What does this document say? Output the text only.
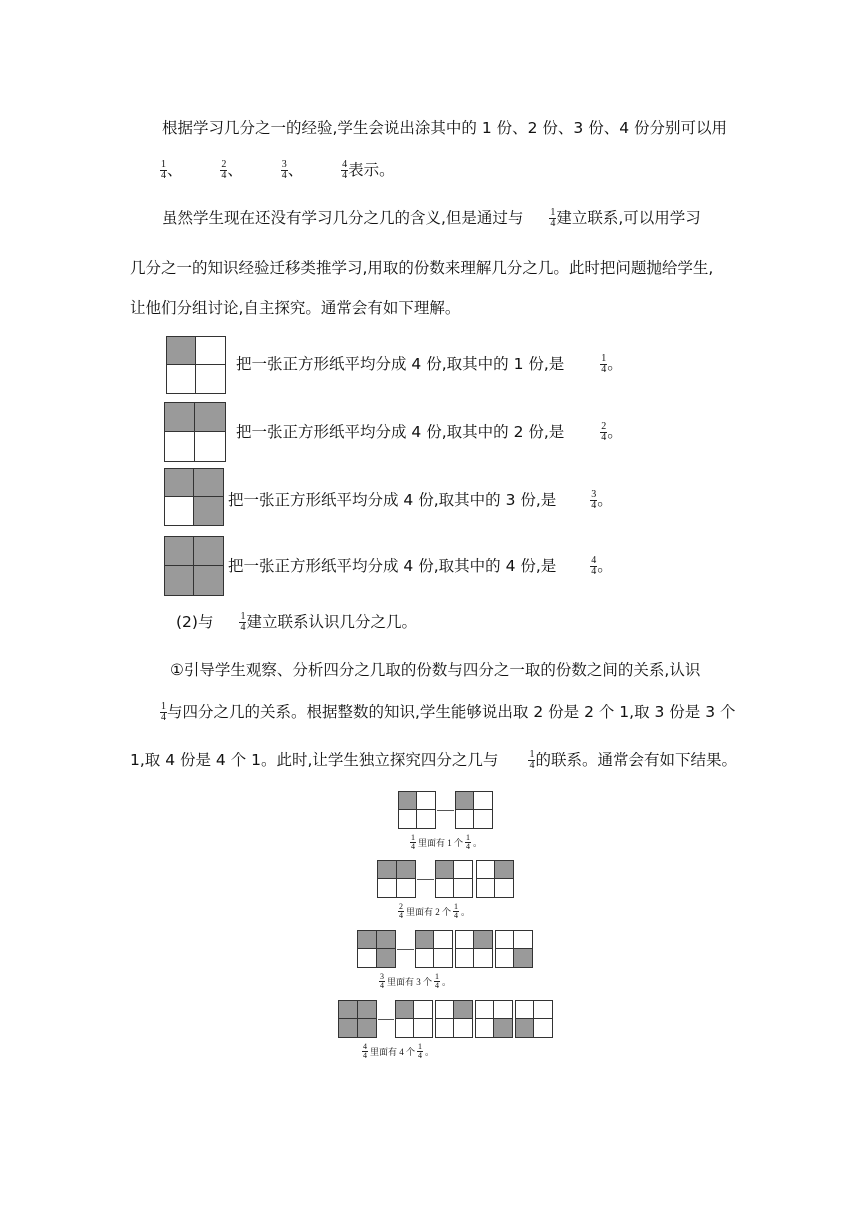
根据学习几分之一的经验,学生会说出涂其中的 1 份、2 份、3 份、4 份分别可以用
$\frac{1}{4}$ 、	$\frac{2}{4}$ 、	$\frac{3}{4}$ 、	$\frac{4}{4}$ 表示。
虽然学生现在还没有学习几分之几的含义,但是通过与	$\frac{1}{4}$ 建立联系,可以用学习
几分之一的知识经验迁移类推学习,用取的份数来理解几分之几。此时把问题抛给学生,
让他们分组讨论,自主探究。通常会有如下理解。
把一张正方形纸平均分成 4 份,取其中的 1 份,是	$\frac{1}{4}$ 。
把一张正方形纸平均分成 4 份,取其中的 2 份,是	$\frac{2}{4}$ 。
把一张正方形纸平均分成 4 份,取其中的 3 份,是	$\frac{3}{4}$ 。
把一张正方形纸平均分成 4 份,取其中的 4 份,是	$\frac{4}{4}$ 。
(2)与	$\frac{1}{4}$ 建立联系认识几分之几。
①引导学生观察、分析四分之几取的份数与四分之一取的份数之间的关系,认识
$\frac{1}{4}$ 与四分之几的关系。根据整数的知识,学生能够说出取 2 份是 2 个 1,取 3 份是 3 个
1,取 4 份是 4 个 1。此时,让学生独立探究四分之几与	$\frac{1}{4}$ 的联系。通常会有如下结果。
$\frac{1}{4}$ 里面有 1 个 $\frac{1}{4}$ 。
$\frac{2}{4}$ 里面有 2 个 $\frac{1}{4}$ 。
$\frac{3}{4}$ 里面有 3 个 $\frac{1}{4}$ 。
$\frac{4}{4}$ 里面有 4 个 $\frac{1}{4}$ 。
